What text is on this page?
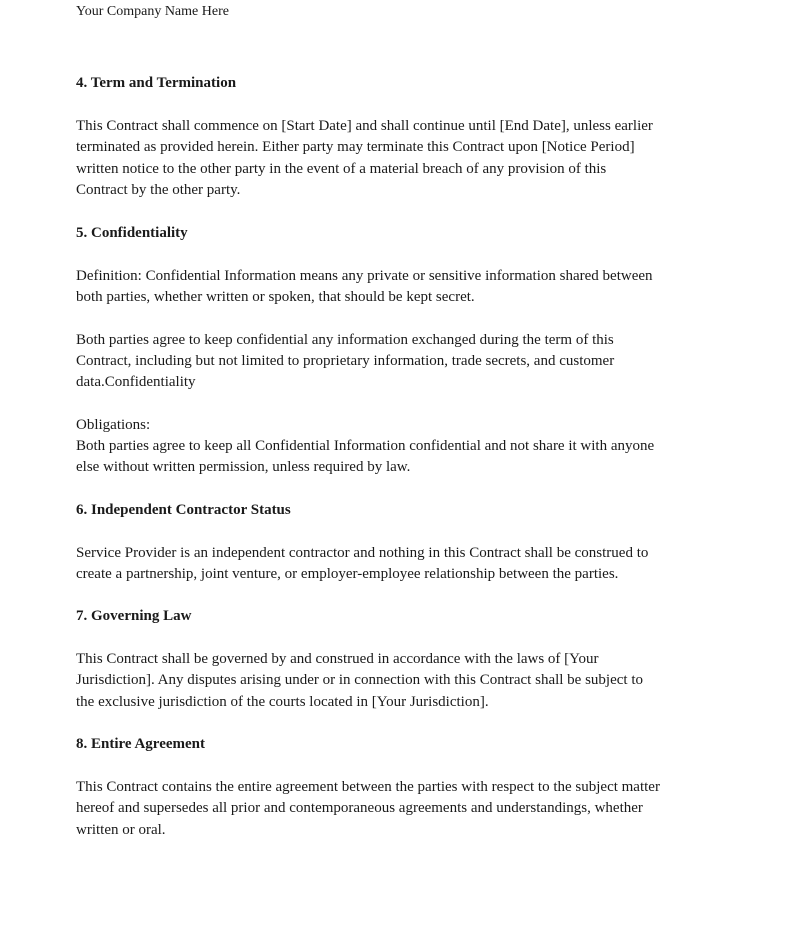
Your Company Name Here
4. Term and Termination

This Contract shall commence on [Start Date] and shall continue until [End Date], unless earlier
terminated as provided herein. Either party may terminate this Contract upon [Notice Period]
written notice to the other party in the event of a material breach of any provision of this
Contract by the other party.

5. Confidentiality

Definition: Confidential Information means any private or sensitive information shared between
both parties, whether written or spoken, that should be kept secret.

Both parties agree to keep confidential any information exchanged during the term of this
Contract, including but not limited to proprietary information, trade secrets, and customer
data.Confidentiality

Obligations:
Both parties agree to keep all Confidential Information confidential and not share it with anyone
else without written permission, unless required by law.

6. Independent Contractor Status

Service Provider is an independent contractor and nothing in this Contract shall be construed to
create a partnership, joint venture, or employer-employee relationship between the parties.

7. Governing Law

This Contract shall be governed by and construed in accordance with the laws of [Your
Jurisdiction]. Any disputes arising under or in connection with this Contract shall be subject to
the exclusive jurisdiction of the courts located in [Your Jurisdiction].

8. Entire Agreement

This Contract contains the entire agreement between the parties with respect to the subject matter
hereof and supersedes all prior and contemporaneous agreements and understandings, whether
written or oral.
